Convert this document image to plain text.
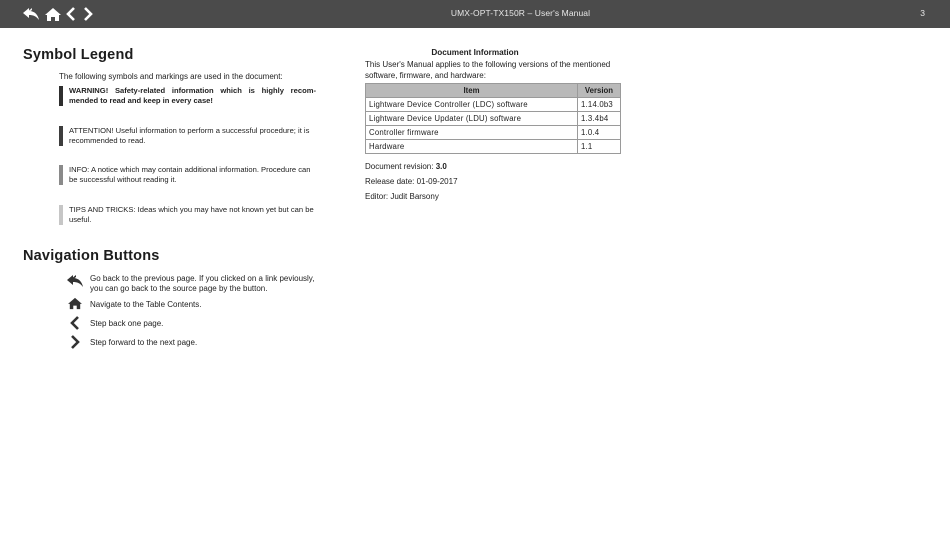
UMX-OPT-TX150R – User's Manual	3
Symbol Legend
The following symbols and markings are used in the document:
WARNING! Safety-related information which is highly recom-mended to read and keep in every case!
ATTENTION! Useful information to perform a successful procedure; it is recommended to read.
INFO: A notice which may contain additional information. Procedure can be successful without reading it.
TIPS AND TRICKS: Ideas which you may have not known yet but can be useful.
Navigation Buttons
Go back to the previous page. If you clicked on a link peviously, you can go back to the source page by the button.
Navigate to the Table Contents.
Step back one page.
Step forward to the next page.
Document Information
This User's Manual applies to the following versions of the mentioned software, firmware, and hardware:
Item	Version
Lightware Device Controller (LDC) software	1.14.0b3
Lightware Device Updater (LDU) software	1.3.4b4
Controller firmware	1.0.4
Hardware	1.1
Document revision: 3.0
Release date: 01-09-2017
Editor: Judit Barsony
